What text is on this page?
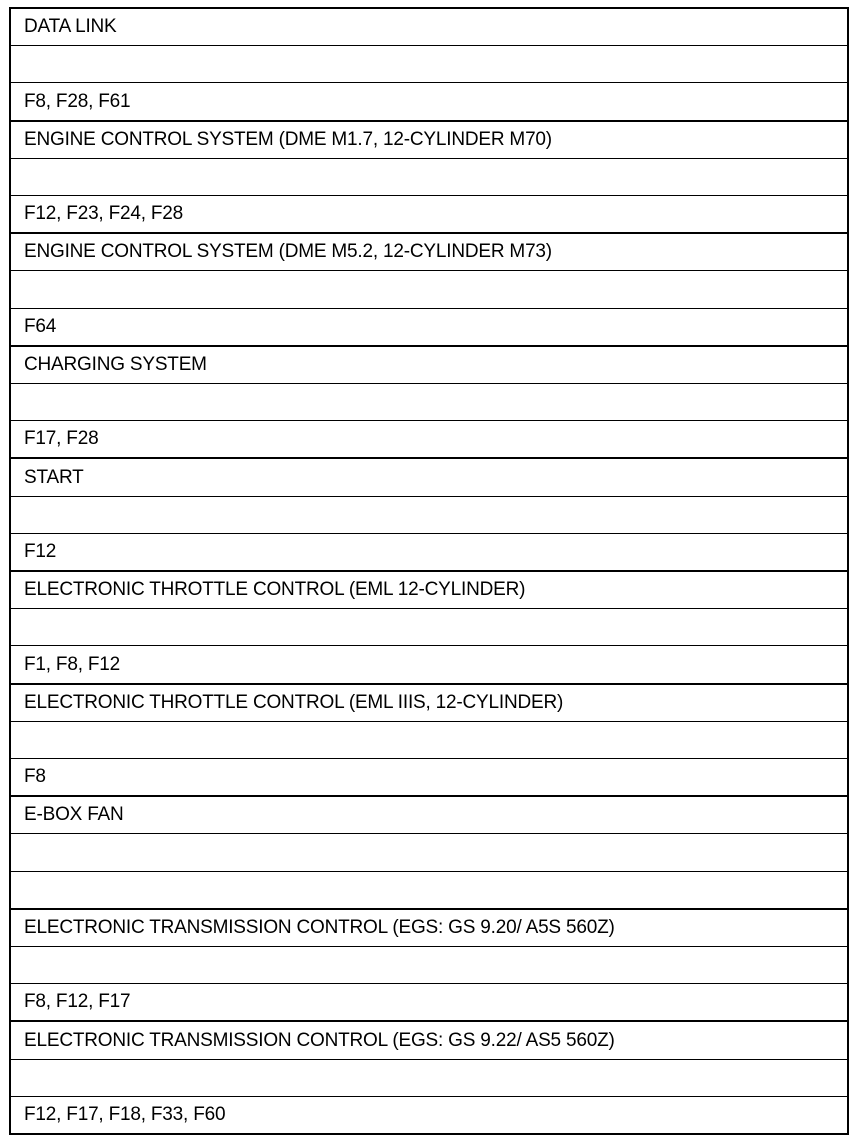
DATA LINK
F8, F28, F61
ENGINE CONTROL SYSTEM (DME M1.7, 12-CYLINDER M70)
F12, F23, F24, F28
ENGINE CONTROL SYSTEM (DME M5.2, 12-CYLINDER M73)
F64
CHARGING SYSTEM
F17, F28
START
F12
ELECTRONIC THROTTLE CONTROL (EML 12-CYLINDER)
F1, F8, F12
ELECTRONIC THROTTLE CONTROL (EML IIIS, 12-CYLINDER)
F8
E-BOX FAN
ELECTRONIC TRANSMISSION CONTROL (EGS: GS 9.20/ A5S 560Z)
F8, F12, F17
ELECTRONIC TRANSMISSION CONTROL (EGS: GS 9.22/ AS5 560Z)
F12, F17, F18, F33, F60
